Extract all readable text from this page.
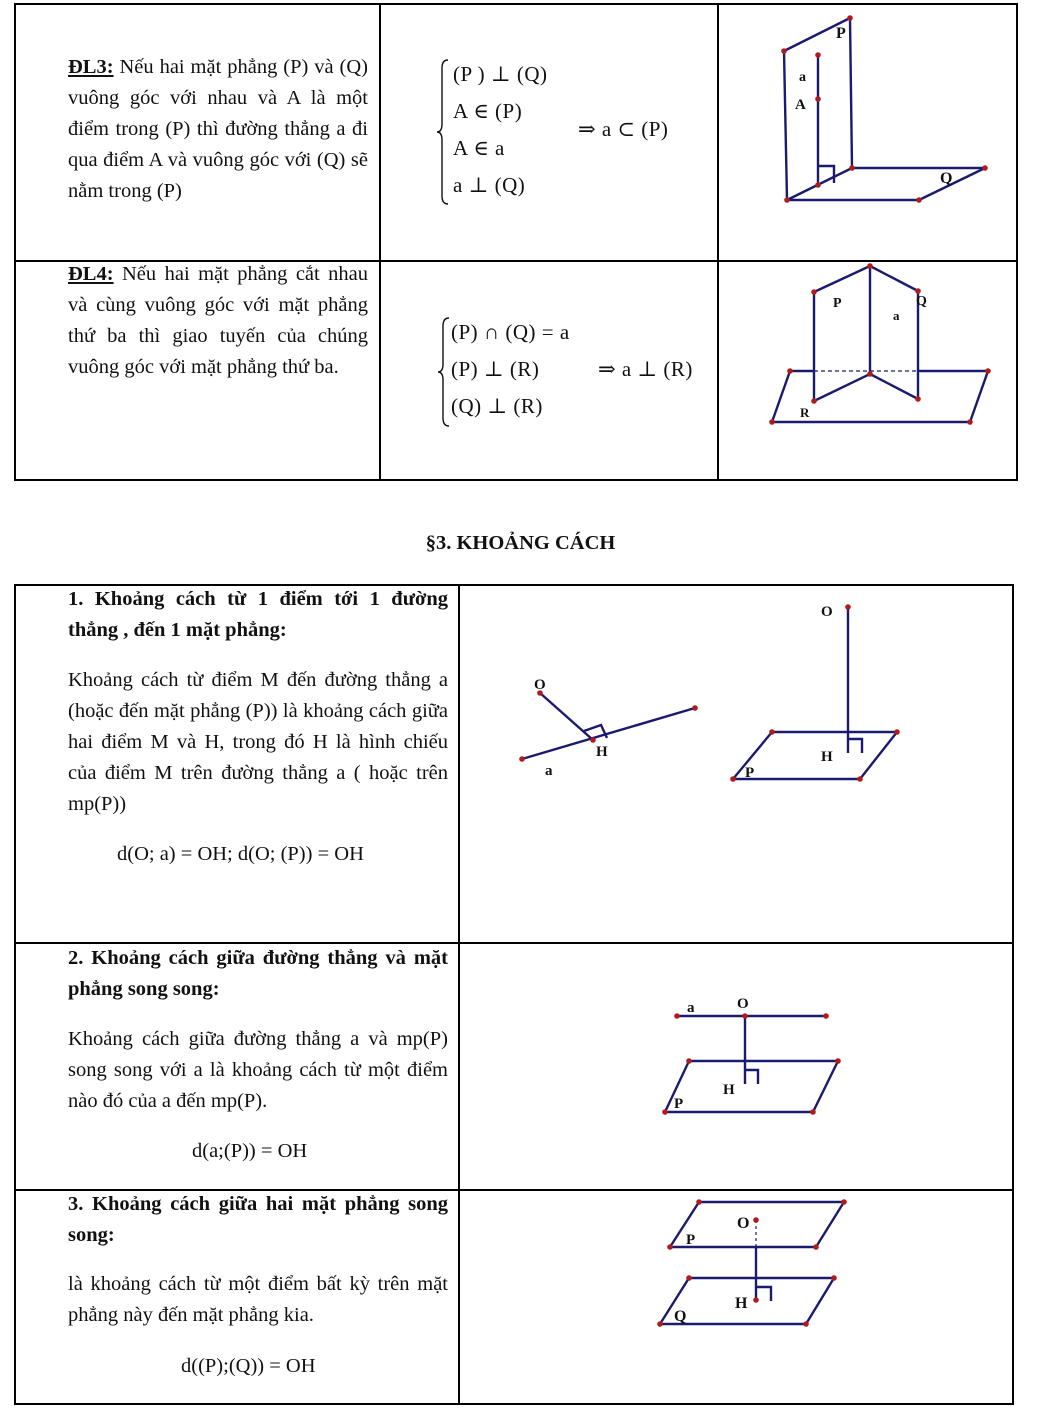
ĐL3: Nếu hai mặt phẳng (P) và (Q) vuông góc với nhau và A là một điểm trong (P) thì đường thẳng a đi qua điểm A và vuông góc với (Q) sẽ nằm trong (P)
(P ) ⊥ (Q)
A ∈ (P)
A ∈ a
a ⊥ (Q)
⇒ a ⊂ (P)
P
Q
a
A
ĐL4: Nếu hai mặt phẳng cắt nhau và cùng vuông góc với mặt phẳng thứ ba thì giao tuyến của chúng vuông góc với mặt phẳng thứ ba.
(P) ∩ (Q) = a
(P) ⊥ (R)
(Q) ⊥ (R)
⇒ a ⊥ (R)
P	Q
a
R
§3. KHOẢNG CÁCH
1. Khoảng cách từ 1 điểm tới 1 đường thẳng , đến 1 mặt phẳng:
Khoảng cách từ điểm M đến đường thẳng a (hoặc đến mặt phẳng (P)) là khoảng cách giữa hai điểm M và H, trong đó H là hình chiếu của điểm M trên đường thẳng a ( hoặc trên mp(P))
d(O; a) = OH; d(O; (P)) = OH
O
H
a
O
H
P
2. Khoảng cách giữa đường thẳng và mặt phẳng song song:
Khoảng cách giữa đường thẳng a và mp(P) song song với a là khoảng cách từ một điểm nào đó của a đến mp(P).
d(a;(P)) = OH
a	O
H
P
3. Khoảng cách giữa hai mặt phẳng song song:
là khoảng cách từ một điểm bất kỳ trên mặt phẳng này đến mặt phẳng kia.
d((P);(Q)) = OH
O
P
H
Q
